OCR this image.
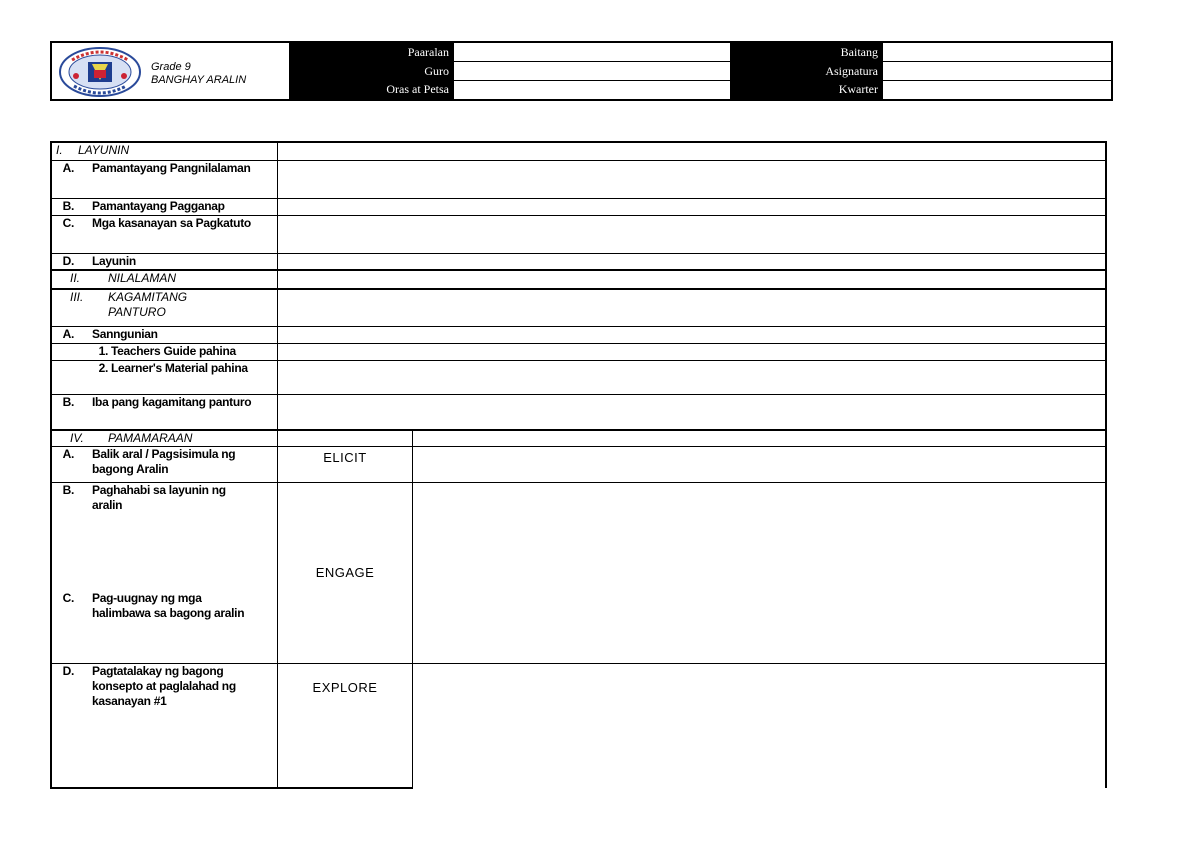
Grade 9
BANGHAY ARALIN
Paaralan
Guro
Oras at Petsa
Baitang
Asignatura
Kwarter
I. LAYUNIN		
A. Pamantayang Pangnilalaman		
B. Pamantayang Pagganap		
C. Mga kasanayan sa Pagkatuto		
D. Layunin		
II. NILALAMAN		
III. KAGAMITANG PANTURO		
A. Sanngunian		
1. Teachers Guide pahina		
2. Learner's Material pahina		
B. Iba pang kagamitang panturo		
IV. PAMAMARAAN		
A. Balik aral / Pagsisimula ng bagong Aralin	ELICIT	
B. Paghahabi sa layunin ng aralin	ENGAGE	
C. Pag-uugnay ng mga halimbawa sa bagong aralin		
D. Pagtatalakay ng bagong konsepto at paglalahad ng kasanayan #1	EXPLORE	
